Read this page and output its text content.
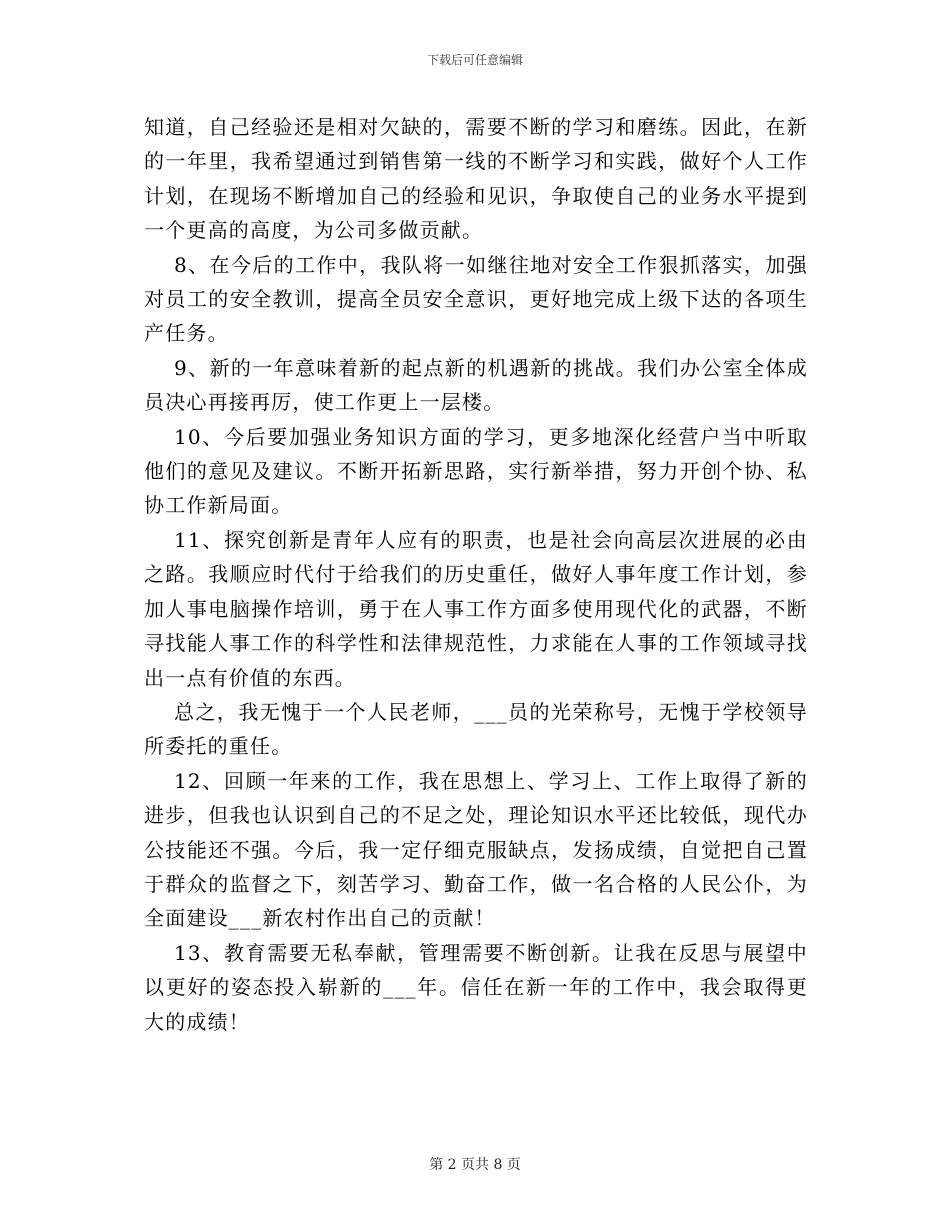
下载后可任意编辑

知道，自己经验还是相对欠缺的，需要不断的学习和磨练。因此，在新的一年里，我希望通过到销售第一线的不断学习和实践，做好个人工作计划，在现场不断增加自己的经验和见识，争取使自己的业务水平提到一个更高的高度，为公司多做贡献。

8、在今后的工作中，我队将一如继往地对安全工作狠抓落实，加强对员工的安全教训，提高全员安全意识，更好地完成上级下达的各项生产任务。

9、新的一年意味着新的起点新的机遇新的挑战。我们办公室全体成员决心再接再厉，使工作更上一层楼。

10、今后要加强业务知识方面的学习，更多地深化经营户当中听取他们的意见及建议。不断开拓新思路，实行新举措，努力开创个协、私协工作新局面。

11、探究创新是青年人应有的职责，也是社会向高层次进展的必由之路。我顺应时代付于给我们的历史重任，做好人事年度工作计划，参加人事电脑操作培训，勇于在人事工作方面多使用现代化的武器，不断寻找能人事工作的科学性和法律规范性，力求能在人事的工作领域寻找出一点有价值的东西。

总之，我无愧于一个人民老师，___员的光荣称号，无愧于学校领导所委托的重任。

12、回顾一年来的工作，我在思想上、学习上、工作上取得了新的进步，但我也认识到自己的不足之处，理论知识水平还比较低，现代办公技能还不强。今后，我一定仔细克服缺点，发扬成绩，自觉把自己置于群众的监督之下，刻苦学习、勤奋工作，做一名合格的人民公仆，为全面建设___新农村作出自己的贡献！

13、教育需要无私奉献，管理需要不断创新。让我在反思与展望中以更好的姿态投入崭新的___年。信任在新一年的工作中，我会取得更大的成绩！

第 2 页共 8 页
